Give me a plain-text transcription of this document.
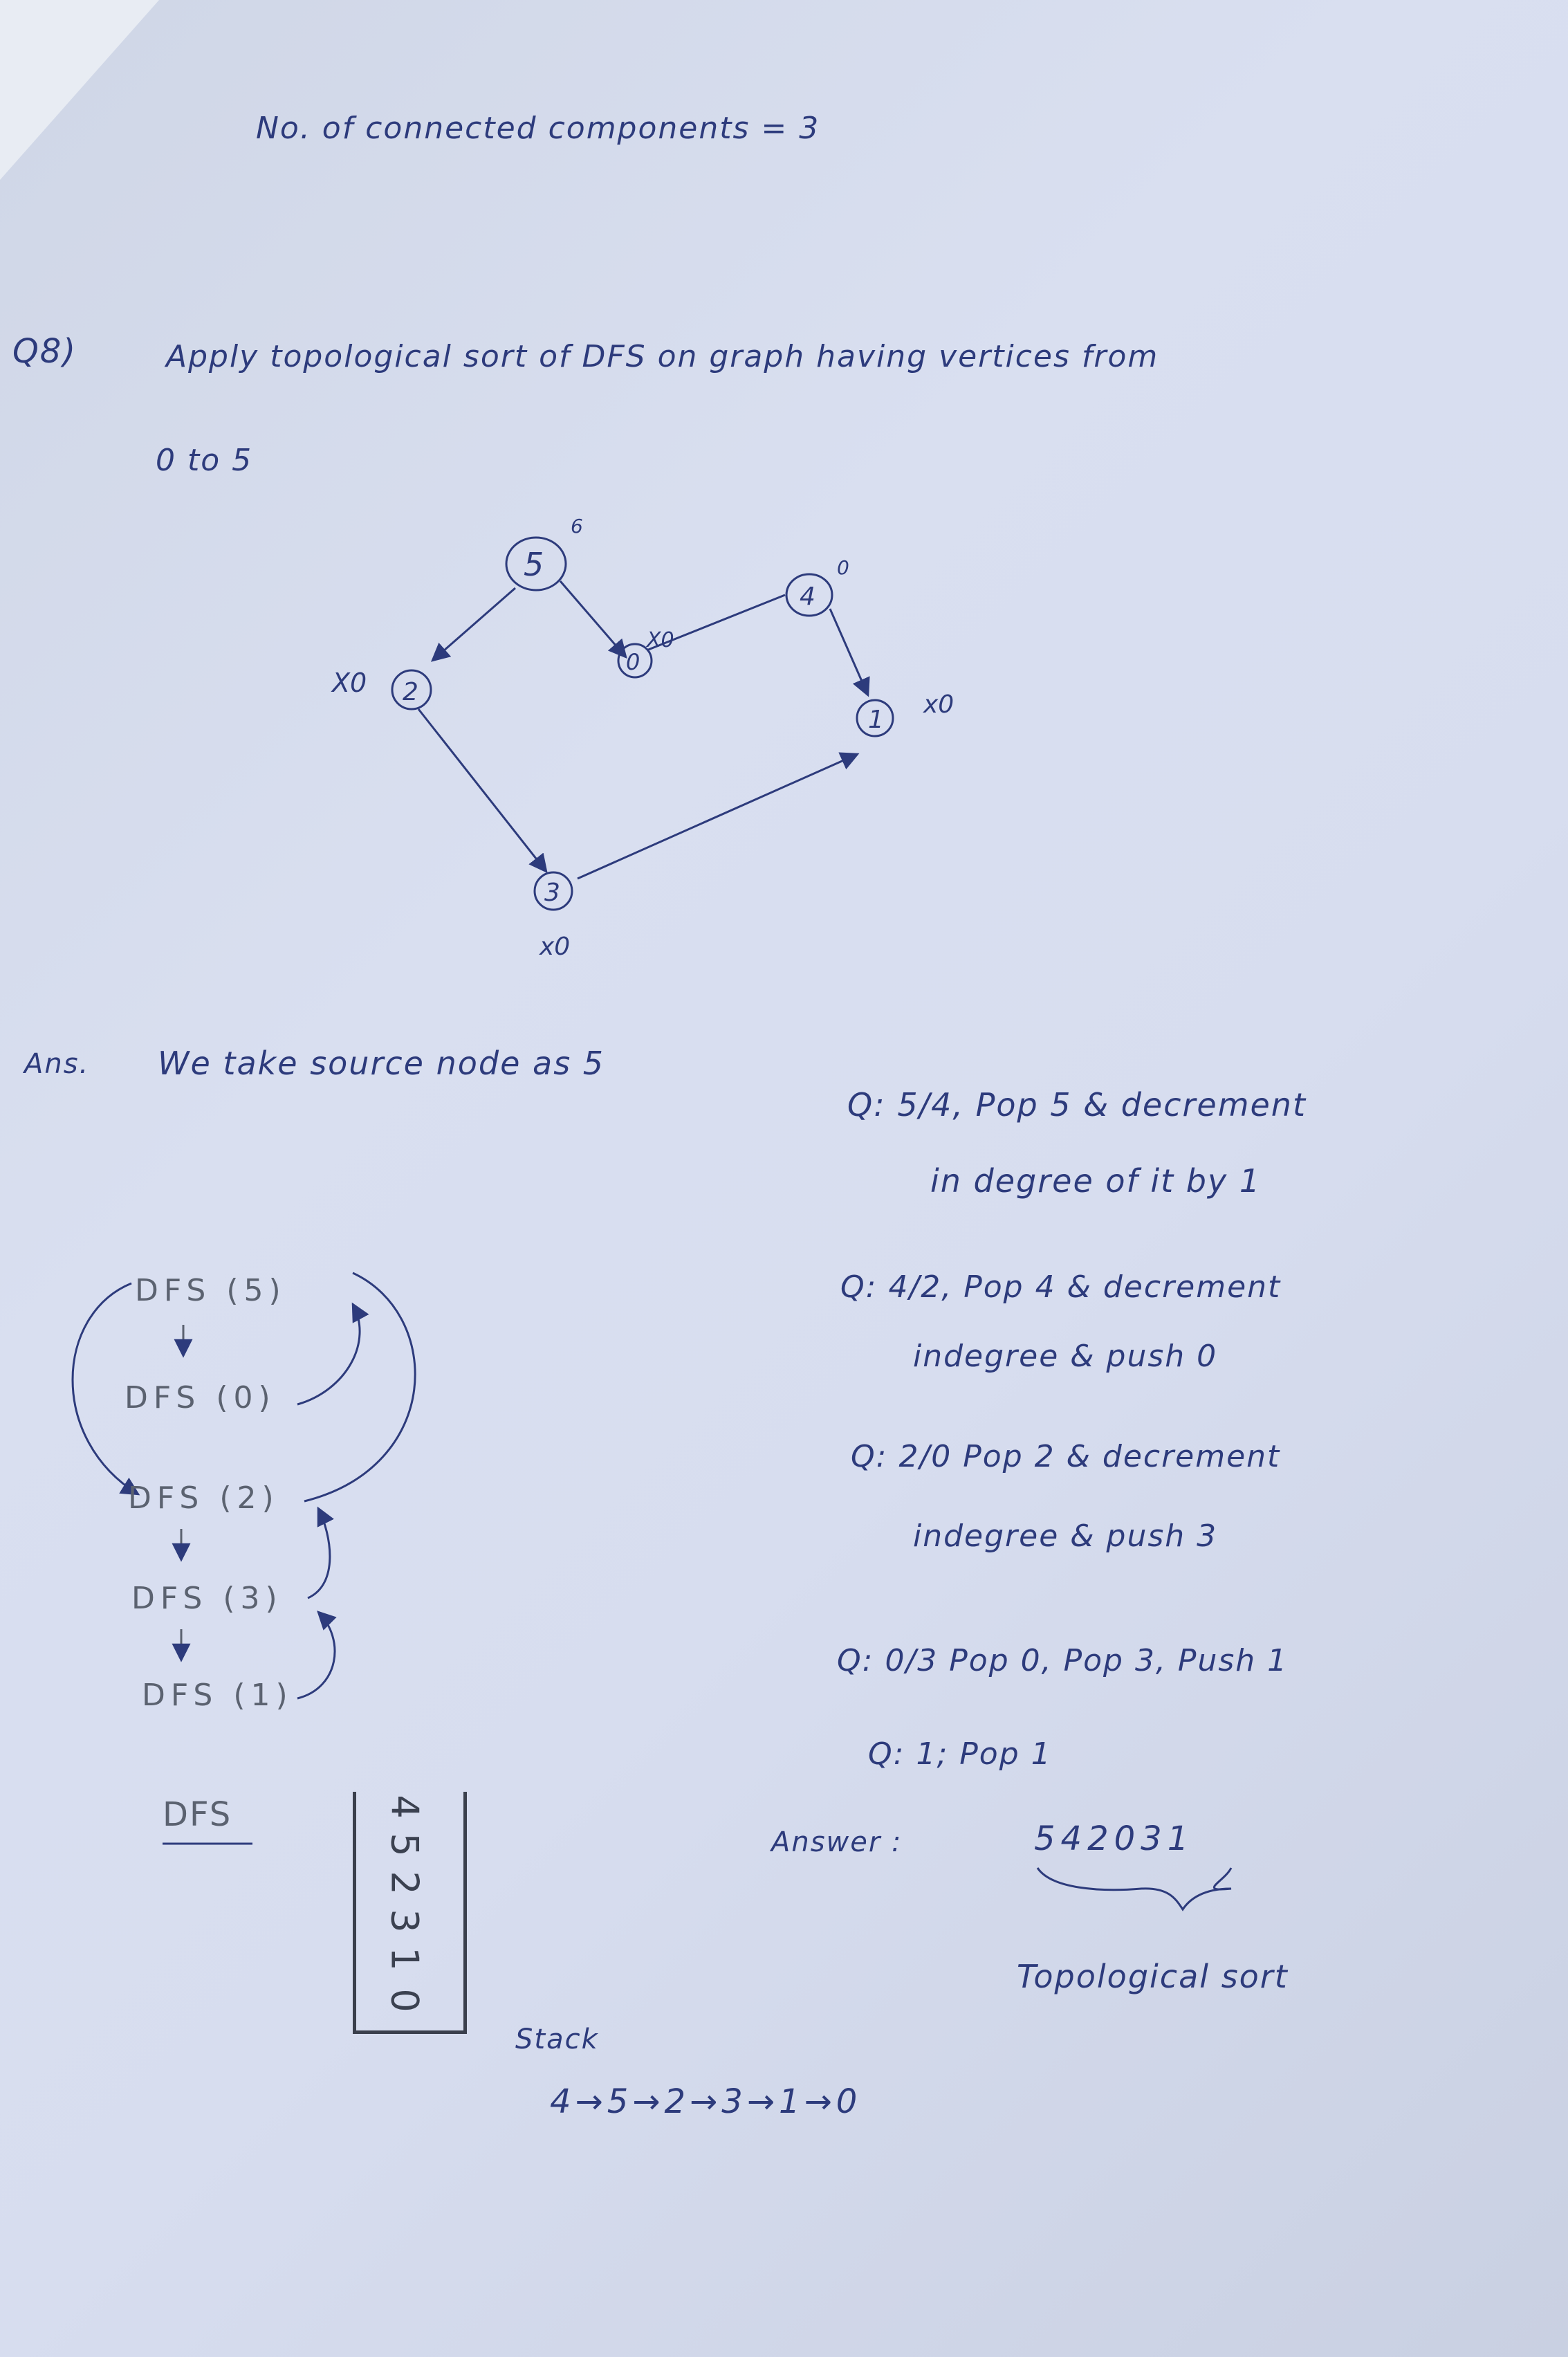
No. of connected components = 3
Q8)	Apply topological sort of DFS on graph having vertices from
0 to 5
5
6
2
X0
0
X0
4
0
1
x0
3
x0
Ans. We take source node as 5
DFS (5)
DFS (0)
DFS (2)
DFS (3)
DFS (1)
DFS	4
5
2
3
1
0
Stack
4→5→2→3→1→0
Q: 5/4, Pop 5 & decrement
in degree of it by 1
Q: 4/2, Pop 4 & decrement
indegree & push 0
Q: 2/0 Pop 2 & decrement
indegree & push 3
Q: 0/3 Pop 0, Pop 3, Push 1
Q: 1; Pop 1
Answer :	542031
Topological sort
